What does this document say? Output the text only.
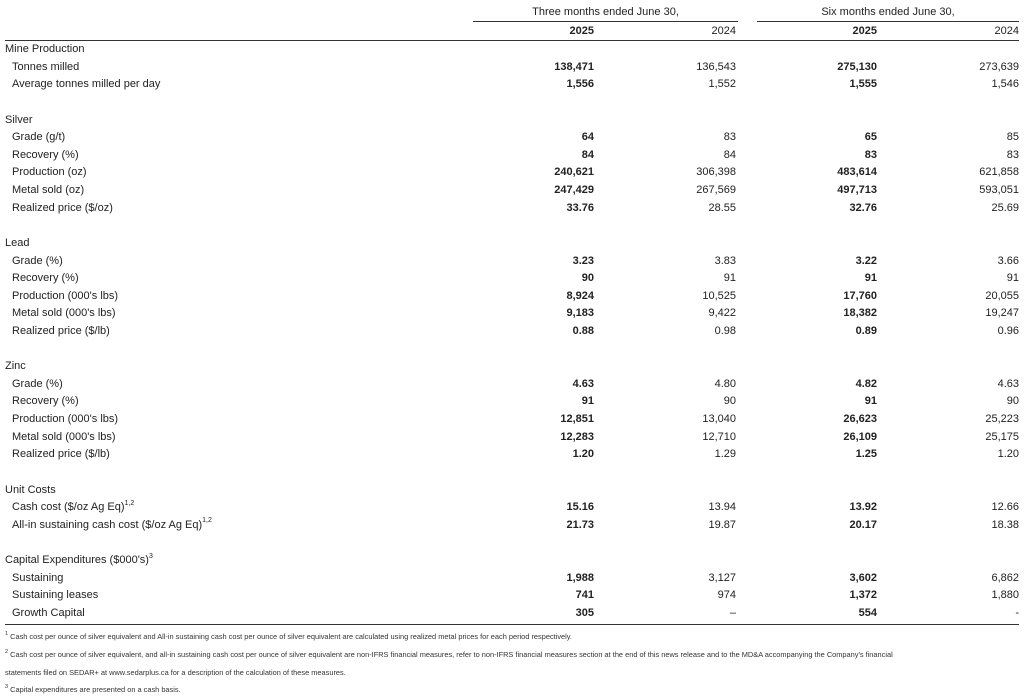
Three months ended June 30,	Six months ended June 30,
2025	2024	2025	2024
Mine Production
Tonnes milled	138,471	136,543	275,130	273,639
Average tonnes milled per day	1,556	1,552	1,555	1,546
Silver
Grade (g/t)	64	83	65	85
Recovery (%)	84	84	83	83
Production (oz)	240,621	306,398	483,614	621,858
Metal sold (oz)	247,429	267,569	497,713	593,051
Realized price ($/oz)	33.76	28.55	32.76	25.69
Lead
Grade (%)	3.23	3.83	3.22	3.66
Recovery (%)	90	91	91	91
Production (000's lbs)	8,924	10,525	17,760	20,055
Metal sold (000's lbs)	9,183	9,422	18,382	19,247
Realized price ($/lb)	0.88	0.98	0.89	0.96
Zinc
Grade (%)	4.63	4.80	4.82	4.63
Recovery (%)	91	90	91	90
Production (000's lbs)	12,851	13,040	26,623	25,223
Metal sold (000's lbs)	12,283	12,710	26,109	25,175
Realized price ($/lb)	1.20	1.29	1.25	1.20
Unit Costs
Cash cost ($/oz Ag Eq)$^{1,2}$	15.16	13.94	13.92	12.66
All-in sustaining cash cost ($/oz Ag Eq)$^{1,2}$	21.73	19.87	20.17	18.38
Capital Expenditures ($000's)$^3$
Sustaining	1,988	3,127	3,602	6,862
Sustaining leases	741	974	1,372	1,880
Growth Capital	305	–	554	-
$^1$ Cash cost per ounce of silver equivalent and All-in sustaining cash cost per ounce of silver equivalent are calculated using realized metal prices for each period respectively.
$^2$ Cash cost per ounce of silver equivalent, and all-in sustaining cash cost per ounce of silver equivalent are non-IFRS financial measures, refer to non-IFRS financial measures section at the end of this news release and to the MD&A accompanying the Company's financial
statements filed on SEDAR+ at www.sedarplus.ca for a description of the calculation of these measures.
$^3$ Capital expenditures are presented on a cash basis.
